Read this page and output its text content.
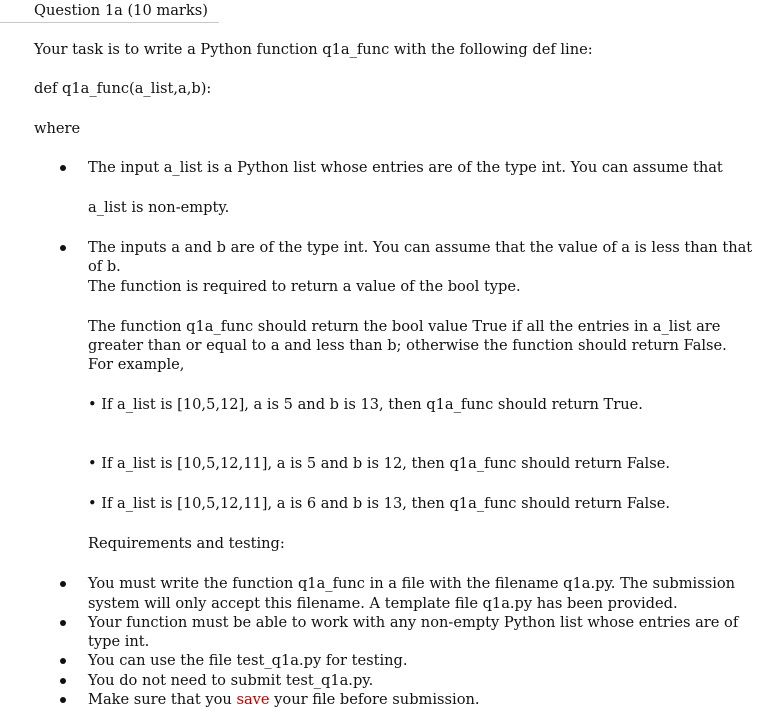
Question 1a (10 marks)
Your task is to write a Python function q1a_func with the following def line:
def q1a_func(a_list,a,b):
where
The input a_list is a Python list whose entries are of the type int. You can assume that
a_list is non-empty.
The inputs a and b are of the type int. You can assume that the value of a is less than that
of b.
The function is required to return a value of the bool type.
The function q1a_func should return the bool value True if all the entries in a_list are
greater than or equal to a and less than b; otherwise the function should return False.
For example,
• If a_list is [10,5,12], a is 5 and b is 13, then q1a_func should return True.
• If a_list is [10,5,12,11], a is 5 and b is 12, then q1a_func should return False.
• If a_list is [10,5,12,11], a is 6 and b is 13, then q1a_func should return False.
Requirements and testing:
You must write the function q1a_func in a file with the filename q1a.py. The submission
system will only accept this filename. A template file q1a.py has been provided.
Your function must be able to work with any non-empty Python list whose entries are of
type int.
You can use the file test_q1a.py for testing.
You do not need to submit test_q1a.py.
Make sure that you save your file before submission.
